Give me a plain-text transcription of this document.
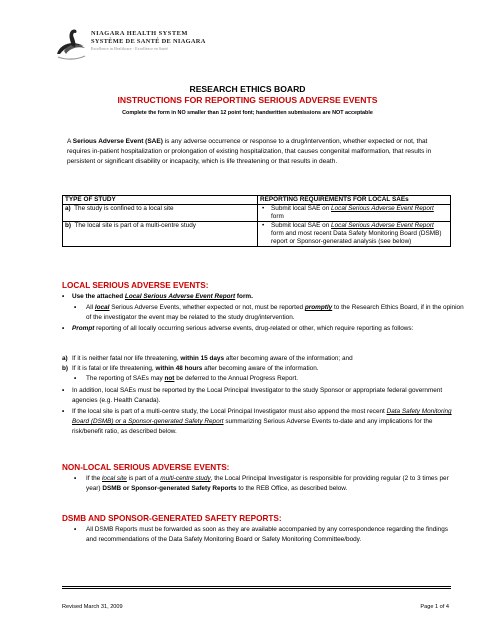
NIAGARA HEALTH SYSTEM
SYSTÈME DE SANTÉ DE NIAGARA
Excellence in Healthcare · Excellence en Santé
RESEARCH ETHICS BOARD
INSTRUCTIONS FOR REPORTING SERIOUS ADVERSE EVENTS
Complete the form in NO smaller than 12 point font; handwritten submissions are NOT acceptable
A Serious Adverse Event (SAE) is any adverse occurrence or response to a drug/intervention, whether expected or not, that requires in-patient hospitalization or prolongation of existing hospitalization, that causes congenital malformation, that results in persistent or significant disability or incapacity, which is life threatening or that results in death.
TYPE OF STUDY	REPORTING REQUIREMENTS FOR LOCAL SAEs
a) The study is confined to a local site	• Submit local SAE on Local Serious Adverse Event Report form

b) The local site is part of a multi-centre study	• Submit local SAE on Local Serious Adverse Event Report form and most recent Data Safety Monitoring Board (DSMB) report or Sponsor-generated analysis (see below)
LOCAL SERIOUS ADVERSE EVENTS:
• Use the attached Local Serious Adverse Event Report form.
• All local Serious Adverse Events, whether expected or not, must be reported promptly to the Research Ethics Board, if in the opinion of the investigator the event may be related to the study drug/intervention.
• Prompt reporting of all locally occurring serious adverse events, drug-related or other, which require reporting as follows:
a) If it is neither fatal nor life threatening, within 15 days after becoming aware of the information; and
b) If it is fatal or life threatening, within 48 hours after becoming aware of the information.
• The reporting of SAEs may not be deferred to the Annual Progress Report.
• In addition, local SAEs must be reported by the Local Principal Investigator to the study Sponsor or appropriate federal government agencies (e.g. Health Canada).
• If the local site is part of a multi-centre study, the Local Principal Investigator must also append the most recent Data Safety Monitoring Board (DSMB) or a Sponsor-generated Safety Report summarizing Serious Adverse Events to-date and any implications for the risk/benefit ratio, as described below.
NON-LOCAL SERIOUS ADVERSE EVENTS:
• If the local site is part of a multi-centre study, the Local Principal Investigator is responsible for providing regular (2 to 3 times per year) DSMB or Sponsor-generated Safety Reports to the REB Office, as described below.
DSMB AND SPONSOR-GENERATED SAFETY REPORTS:
• All DSMB Reports must be forwarded as soon as they are available accompanied by any correspondence regarding the findings and recommendations of the Data Safety Monitoring Board or Safety Monitoring Committee/body.
Revised March 31, 2009	Page 1 of 4
